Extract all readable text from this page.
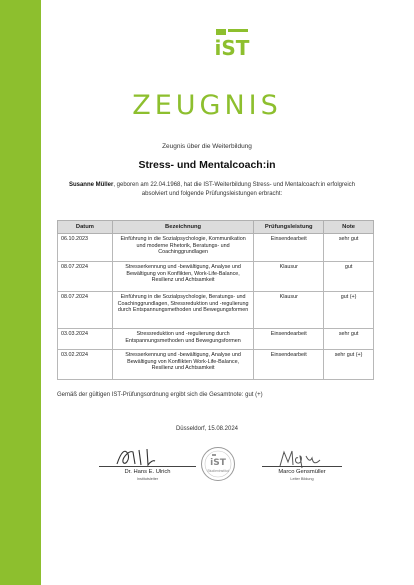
iST
ZEUGNIS
Zeugnis über die Weiterbildung
Stress- und Mentalcoach:in
Susanne Müller, geboren am 22.04.1968, hat die IST-Weiterbildung Stress- und Mentalcoach:in erfolgreich absolviert und folgende Prüfungsleistungen erbracht:
Datum	Bezeichnung	Prüfungsleistung	Note
06.10.2023	Einführung in die Sozialpsychologie, Kommunikation und moderne Rhetorik, Beratungs- und Coachinggrundlagen	Einsendearbeit	sehr gut
08.07.2024	Stresserkennung und -bewältigung, Analyse und Bewältigung von Konflikten, Work-Life-Balance, Resilienz und Achtsamkeit	Klausur	gut
08.07.2024	Einführung in die Sozialpsychologie, Beratungs- und Coachinggrundlagen, Stressreduktion und -regulierung durch Entspannungsmethoden und Bewegungsformen	Klausur	gut (+)
03.03.2024	Stressreduktion und -regulierung durch Entspannungsmethoden und Bewegungsformen	Einsendearbeit	sehr gut
03.02.2024	Stresserkennung und -bewältigung, Analyse und Bewältigung von Konflikten Work-Life-Balance, Resilienz und Achtsamkeit	Einsendearbeit	sehr gut (+)
Gemäß der gültigen IST-Prüfungsordnung ergibt sich die Gesamtnote: gut (+)
Düsseldorf, 15.08.2024
Dr. Hans E. Ulrich
Institutsleiter
iST
Studieninstitut	Marco Gensmüller
Leiter Bildung
